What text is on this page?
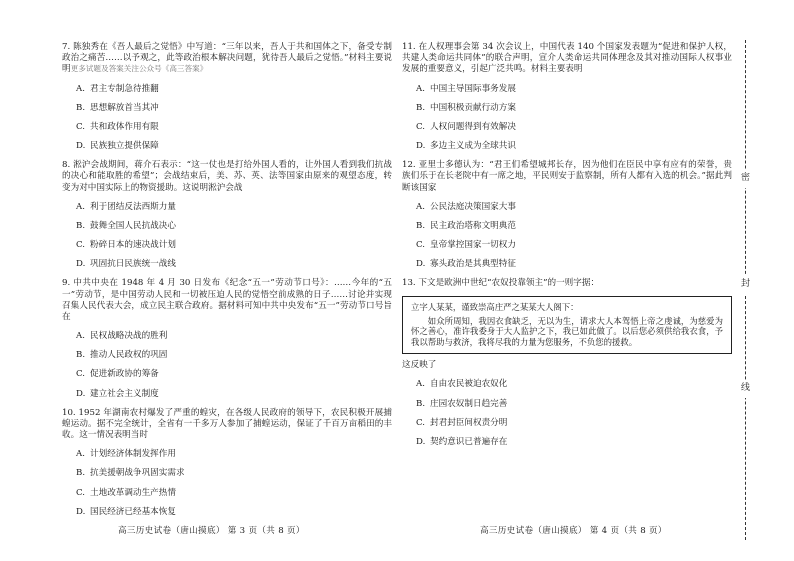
7. 陈独秀在《吾人最后之觉悟》中写道：“三年以来，吾人于共和国体之下，备受专制政治之痛苦……以予观之，此等政治根本解决问题，犹待吾人最后之觉悟。”材料主要说明更多试题及答案关注公众号《高三答案》
A. 君主专制急待推翻
B. 思想解放首当其冲
C. 共和政体作用有限
D. 民族独立提供保障
8. 淞沪会战期间，蒋介石表示：“这一仗也是打给外国人看的，让外国人看到我们抗战的决心和能取胜的希望”；会战结束后，美、苏、英、法等国家由原来的观望态度，转变为对中国实际上的物资援助。这说明淞沪会战
A. 利于团结反法西斯力量
B. 鼓舞全国人民抗战决心
C. 粉碎日本的速决战计划
D. 巩固抗日民族统一战线
9. 中共中央在 1948 年 4 月 30 日发布《纪念“五一”劳动节口号》：……今年的“五一”劳动节，是中国劳动人民和一切被压迫人民的觉悟空前成熟的日子……讨论并实现召集人民代表大会，成立民主联合政府。据材料可知中共中央发布“五一”劳动节口号旨在
A. 民权战略决战的胜利
B. 推动人民政权的巩固
C. 促进新政协的筹备
D. 建立社会主义制度
10. 1952 年湖南农村爆发了严重的蝗灾，在各级人民政府的领导下，农民积极开展捕蝗运动。据不完全统计，全省有一千多万人参加了捕蝗运动，保证了千百万亩稻田的丰收。这一情况表明当时
A. 计划经济体制发挥作用
B. 抗美援朝战争巩固实需求
C. 土地改革调动生产热情
D. 国民经济已经基本恢复
高三历史试卷（唐山摸底） 第 3 页（共 8 页）
11. 在人权理事会第 34 次会议上，中国代表 140 个国家发表题为“促进和保护人权，共建人类命运共同体”的联合声明，宣介人类命运共同体理念及其对推动国际人权事业发展的重要意义，引起广泛共鸣。材料主要表明
A. 中国主导国际事务发展
B. 中国积极贡献行动方案
C. 人权问题得到有效解决
D. 多边主义成为全球共识
12. 亚里士多德认为：“君王们希望城邦长存，因为他们在臣民中享有应有的荣誉，贵族们乐于在长老院中有一席之地，平民则安于监察制，所有人都有入选的机会。”据此判断该国家
A. 公民法庭决策国家大事
B. 民主政治塔称文明典范
C. 皇帝掌控国家一切权力
D. 寡头政治是其典型特征
13. 下文是欧洲中世纪“农奴投靠领主”的一则字据：
立字人某某，谨致崇高庄严之某某大人阁下：
如众所周知，我因衣食缺乏，无以为生，请求大人本驾悟上帝之虔诚，为慈爱为怀之善心，准许我委身于大人监护之下，我已如此做了。以后您必须供给我衣食，予我以帮助与救济，我将尽我的力量为您服务，不负您的援救。
这反映了
A. 自由农民被迫农奴化
B. 庄园农奴制日趋完善
C. 封君封臣间权责分明
D. 契约意识已普遍存在
高三历史试卷（唐山摸底） 第 4 页（共 8 页）
密
封
线
